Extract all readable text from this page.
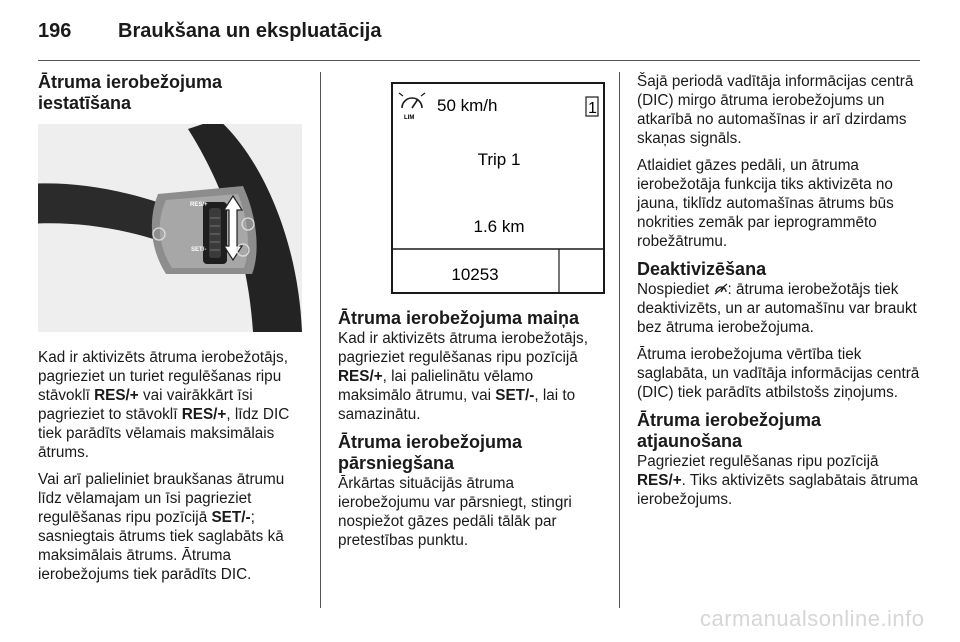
196 Braukšana un ekspluatācija
Ātruma ierobežojuma
iestatīšana
RES/+
SET/-

Kad ir aktivizēts ātruma ierobežotājs, pagrieziet un turiet regulēšanas ripu stāvoklī RES/+ vai vairākkārt īsi pagrieziet to stāvoklī RES/+, līdz DIC tiek parādīts vēlamais maksimālais ātrums.

Vai arī palieliniet braukšanas ātrumu līdz vēlamajam un īsi pagrieziet regulēšanas ripu pozīcijā SET/-; sasniegtais ātrums tiek saglabāts kā maksimālais ātrums. Ātruma ierobežojums tiek parādīts DIC.

LIM
50 km/h	1
Trip 1
1.6 km
10253
Ātruma ierobežojuma maiņa

Kad ir aktivizēts ātruma ierobežotājs, pagrieziet regulēšanas ripu pozīcijā RES/+, lai palielinātu vēlamo maksimālo ātrumu, vai SET/-, lai to samazinātu.

Ātruma ierobežojuma
pārsniegšana

Ārkārtas situācijās ātruma ierobežojumu var pārsniegt, stingri nospiežot gāzes pedāli tālāk par pretestības punktu.

Šajā periodā vadītāja informācijas centrā (DIC) mirgo ātruma ierobežojums un atkarībā no automašīnas ir arī dzirdams skaņas signāls.

Atlaidiet gāzes pedāli, un ātruma ierobežotāja funkcija tiks aktivizēta no jauna, tiklīdz automašīnas ātrums būs nokrities zemāk par ieprogrammēto robežātrumu.

Deaktivizēšana

Nospiediet : ātruma ierobežotājs tiek deaktivizēts, un ar automašīnu var braukt bez ātruma ierobežojuma.

Ātruma ierobežojuma vērtība tiek saglabāta, un vadītāja informācijas centrā (DIC) tiek parādīts atbilstošs ziņojums.

Ātruma ierobežojuma
atjaunošana

Pagrieziet regulēšanas ripu pozīcijā RES/+. Tiks aktivizēts saglabātais ātruma ierobežojums.

carmanualsonline.info
